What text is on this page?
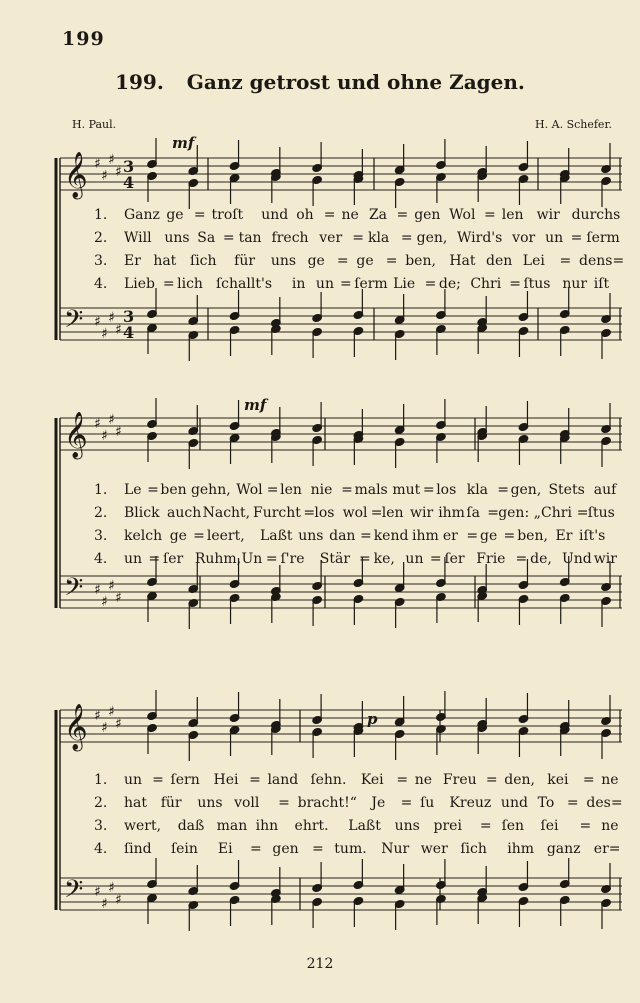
199
199. Ganz getrost und ohne Zagen.
H. Paul.	H. A. Schefer.
mf
mf
p
𝄞
𝄢
♯
♯
♯
♯
♯
♯
♯
♯
3
4
3
4
𝄞
𝄢
♯
♯
♯
♯
♯
♯
♯
♯
𝄞
𝄢
♯
♯
♯
♯
♯
♯
♯
♯
1. Ganz ge = troſt und oh = ne Za = gen Wol = len wir durchs
2. Will uns Sa = tan frech ver = kla = gen, Wird's vor un = ſerm
3. Er hat ſich für uns ge = ge = ben, Hat den Lei = dens=
4. Lieb = lich ſchallt's in un = ſerm Lie = de; Chri = ſtus nur iſt
1. Le = ben gehn, Wol = len nie = mals mut = los kla = gen, Stets auf
2. Blick auch Nacht, Furcht = los wol = len wir ihm ſa = gen: „Chri = ſtus
3. kelch ge = leert, Laßt uns dan = kend ihm er = ge = ben, Er iſt's
4. un = ſer Ruhm, Un = ſ're Stär = ke, un = ſer Frie = de, Und wir
1. un = ſern Hei = land ſehn. Kei = ne Freu = den, kei = ne
2. hat für uns voll = bracht!“ Je = ſu Kreuz und To = des=
3. wert, daß man ihn ehrt. Laßt uns prei = ſen ſei = ne
4. ſind ſein Ei = gen = tum. Nur wer ſich ihm ganz er=
212
